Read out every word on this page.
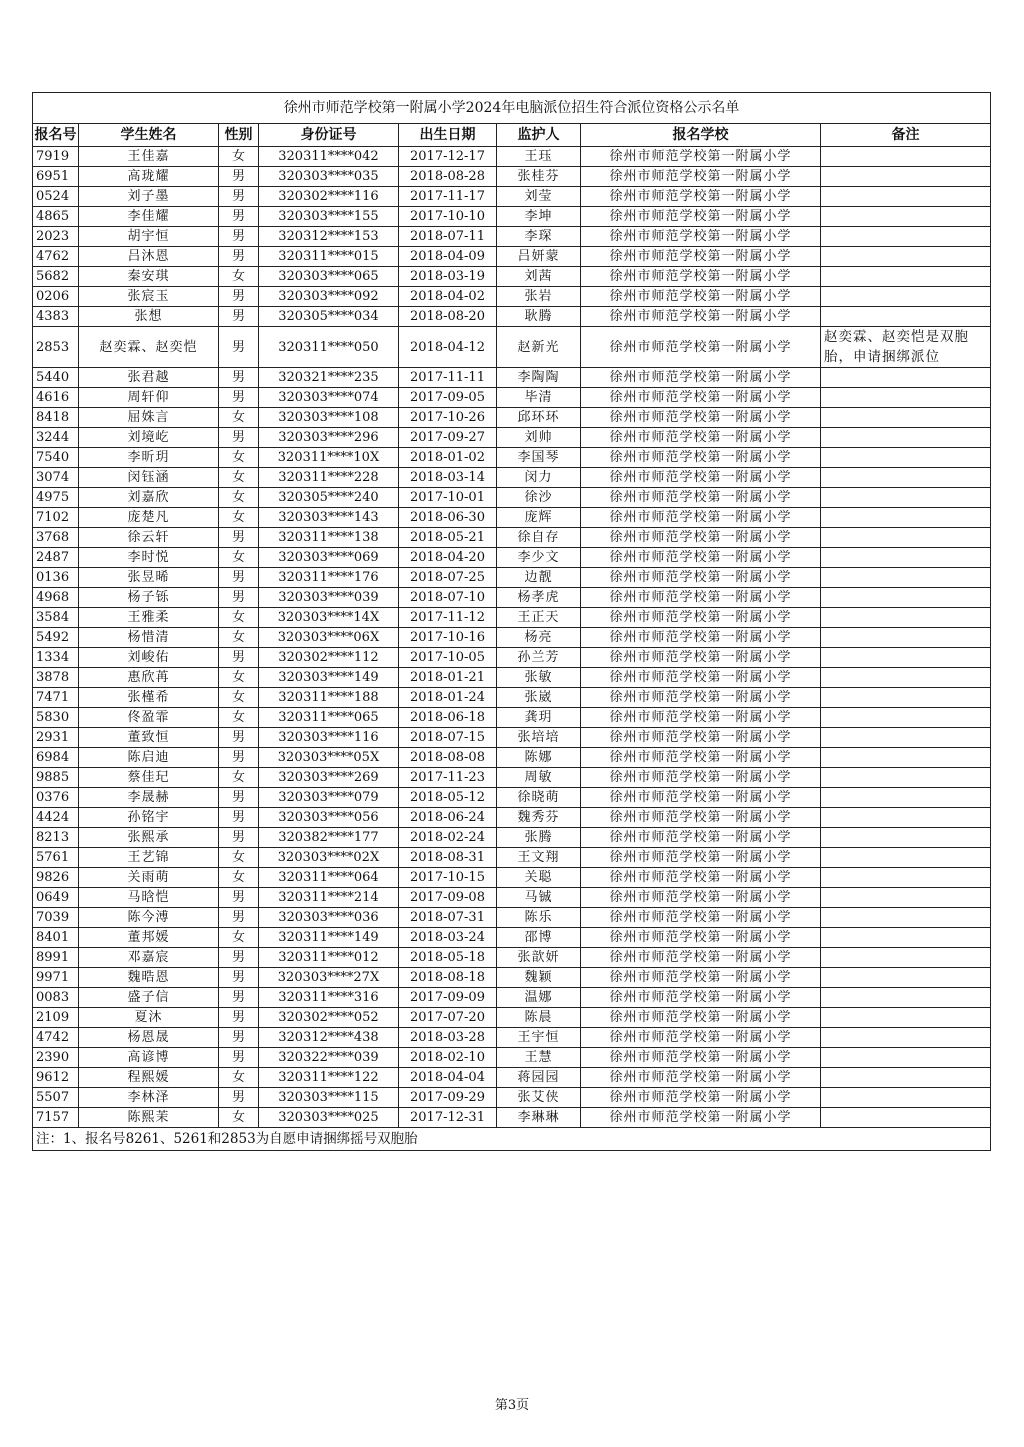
徐州市师范学校第一附属小学2024年电脑派位招生符合派位资格公示名单							
报名号	学生姓名	性别	身份证号	出生日期	监护人	报名学校	备注
7919	王佳嘉	女	320311****042	2017-12-17	王珏	徐州市师范学校第一附属小学	
6951	高珑耀	男	320303****035	2018-08-28	张桂芬	徐州市师范学校第一附属小学	
0524	刘子墨	男	320302****116	2017-11-17	刘莹	徐州市师范学校第一附属小学	
4865	李佳耀	男	320303****155	2017-10-10	李坤	徐州市师范学校第一附属小学	
2023	胡宇恒	男	320312****153	2018-07-11	李琛	徐州市师范学校第一附属小学	
4762	吕沐恩	男	320311****015	2018-04-09	吕妍蒙	徐州市师范学校第一附属小学	
5682	秦安琪	女	320303****065	2018-03-19	刘茜	徐州市师范学校第一附属小学	
0206	张宸玉	男	320303****092	2018-04-02	张岩	徐州市师范学校第一附属小学	
4383	张想	男	320305****034	2018-08-20	耿腾	徐州市师范学校第一附属小学	
2853	赵奕霖、赵奕恺	男	320311****050	2018-04-12	赵新光	徐州市师范学校第一附属小学	赵奕霖、赵奕恺是双胞胎，申请捆绑派位
5440	张君越	男	320321****235	2017-11-11	李陶陶	徐州市师范学校第一附属小学	
4616	周轩仰	男	320303****074	2017-09-05	毕清	徐州市师范学校第一附属小学	
8418	屈姝言	女	320303****108	2017-10-26	邱环环	徐州市师范学校第一附属小学	
3244	刘境屹	男	320303****296	2017-09-27	刘帅	徐州市师范学校第一附属小学	
7540	李昕玥	女	320311****10X	2018-01-02	李国琴	徐州市师范学校第一附属小学	
3074	闵钰涵	女	320311****228	2018-03-14	闵力	徐州市师范学校第一附属小学	
4975	刘嘉欣	女	320305****240	2017-10-01	徐沙	徐州市师范学校第一附属小学	
7102	庞楚凡	女	320303****143	2018-06-30	庞辉	徐州市师范学校第一附属小学	
3768	徐云轩	男	320311****138	2018-05-21	徐自存	徐州市师范学校第一附属小学	
2487	李时悦	女	320303****069	2018-04-20	李少文	徐州市师范学校第一附属小学	
0136	张昱晞	男	320311****176	2018-07-25	边靓	徐州市师范学校第一附属小学	
4968	杨子铄	男	320303****039	2018-07-10	杨孝虎	徐州市师范学校第一附属小学	
3584	王雅柔	女	320303****14X	2017-11-12	王正天	徐州市师范学校第一附属小学	
5492	杨惜清	女	320303****06X	2017-10-16	杨亮	徐州市师范学校第一附属小学	
1334	刘峻佑	男	320302****112	2017-10-05	孙兰芳	徐州市师范学校第一附属小学	
3878	惠欣苒	女	320303****149	2018-01-21	张敏	徐州市师范学校第一附属小学	
7471	张槿希	女	320311****188	2018-01-24	张崴	徐州市师范学校第一附属小学	
5830	佟盈霏	女	320311****065	2018-06-18	龚玥	徐州市师范学校第一附属小学	
2931	董致恒	男	320303****116	2018-07-15	张培培	徐州市师范学校第一附属小学	
6984	陈启迪	男	320303****05X	2018-08-08	陈娜	徐州市师范学校第一附属小学	
9885	蔡佳玘	女	320303****269	2017-11-23	周敏	徐州市师范学校第一附属小学	
0376	李晟赫	男	320303****079	2018-05-12	徐晓萌	徐州市师范学校第一附属小学	
4424	孙铭宇	男	320303****056	2018-06-24	魏秀芬	徐州市师范学校第一附属小学	
8213	张熙承	男	320382****177	2018-02-24	张腾	徐州市师范学校第一附属小学	
5761	王艺锦	女	320303****02X	2018-08-31	王文翔	徐州市师范学校第一附属小学	
9826	关雨萌	女	320311****064	2017-10-15	关聪	徐州市师范学校第一附属小学	
0649	马晗恺	男	320311****214	2017-09-08	马铖	徐州市师范学校第一附属小学	
7039	陈今溥	男	320303****036	2018-07-31	陈乐	徐州市师范学校第一附属小学	
8401	董邦媛	女	320311****149	2018-03-24	邵博	徐州市师范学校第一附属小学	
8991	邓嘉宸	男	320311****012	2018-05-18	张歆妍	徐州市师范学校第一附属小学	
9971	魏晧恩	男	320303****27X	2018-08-18	魏颖	徐州市师范学校第一附属小学	
0083	盛子信	男	320311****316	2017-09-09	温娜	徐州市师范学校第一附属小学	
2109	夏沐	男	320302****052	2017-07-20	陈晨	徐州市师范学校第一附属小学	
4742	杨恩晟	男	320312****438	2018-03-28	王宇恒	徐州市师范学校第一附属小学	
2390	高谚博	男	320322****039	2018-02-10	王慧	徐州市师范学校第一附属小学	
9612	程熙媛	女	320311****122	2018-04-04	蒋园园	徐州市师范学校第一附属小学	
5507	李林泽	男	320303****115	2017-09-29	张艾侠	徐州市师范学校第一附属小学	
7157	陈熙茉	女	320303****025	2017-12-31	李琳琳	徐州市师范学校第一附属小学	
注：1、报名号8261、5261和2853为自愿申请捆绑摇号双胞胎							
第3页
